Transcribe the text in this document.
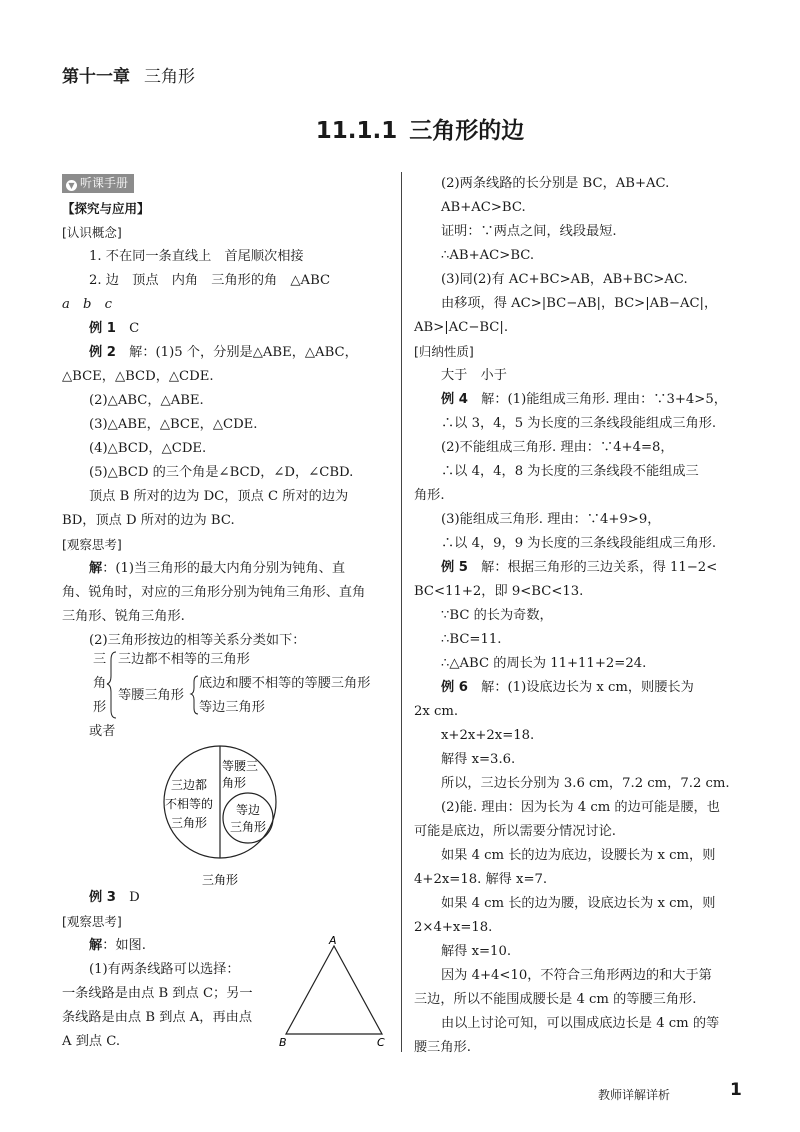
第十一章 三角形
11.1.1 三角形的边

▼ 听课手册

【探究与应用】

[认识概念]

1. 不在同一条直线上　首尾顺次相接

2. 边　顶点　内角　三角形的角　△ABC

a　b　c

例 1　C

例 2　解：(1)5 个，分别是△ABE，△ABC，

△BCE，△BCD，△CDE.

(2)△ABC，△ABE.

(3)△ABE，△BCE，△CDE.

(4)△BCD，△CDE.

(5)△BCD 的三个角是∠BCD，∠D，∠CBD.

顶点 B 所对的边为 DC，顶点 C 所对的边为

BD，顶点 D 所对的边为 BC.

[观察思考]

解：(1)当三角形的最大内角分别为钝角、直

角、锐角时，对应的三角形分别为钝角三角形、直角

三角形、锐角三角形.

(2)三角形按边的相等关系分类如下：

三
角
形
三边都不相等的三角形
等腰三角形
底边和腰不相等的等腰三角形
等边三角形
或者
三边都
不相等的
三角形
等腰三
角形
等边
三角形
三角形

例 3　D

[观察思考]

解：如图.

(1)有两条线路可以选择：

一条线路是由点 B 到点 C；另一

条线路是由点 B 到点 A，再由点

A 到点 C.

A
B	C

(2)两条线路的长分别是 BC，AB+AC.

AB+AC>BC.

证明：∵两点之间，线段最短.

∴AB+AC>BC.

(3)同(2)有 AC+BC>AB，AB+BC>AC.

由移项，得 AC>|BC−AB|，BC>|AB−AC|，

AB>|AC−BC|.

[归纳性质]

大于　小于

例 4　解：(1)能组成三角形. 理由：∵3+4>5，

∴以 3，4，5 为长度的三条线段能组成三角形.

(2)不能组成三角形. 理由：∵4+4=8，

∴以 4，4，8 为长度的三条线段不能组成三

角形.

(3)能组成三角形. 理由：∵4+9>9，

∴以 4，9，9 为长度的三条线段能组成三角形.

例 5　解：根据三角形的三边关系，得 11−2<

BC<11+2，即 9<BC<13.

∵BC 的长为奇数，

∴BC=11.

∴△ABC 的周长为 11+11+2=24.

例 6　解：(1)设底边长为 x cm，则腰长为

2x cm.

x+2x+2x=18.

解得 x=3.6.

所以，三边长分别为 3.6 cm，7.2 cm，7.2 cm.

(2)能. 理由：因为长为 4 cm 的边可能是腰，也

可能是底边，所以需要分情况讨论.

如果 4 cm 长的边为底边，设腰长为 x cm，则

4+2x=18. 解得 x=7.

如果 4 cm 长的边为腰，设底边长为 x cm，则

2×4+x=18.

解得 x=10.

因为 4+4<10，不符合三角形两边的和大于第

三边，所以不能围成腰长是 4 cm 的等腰三角形.

由以上讨论可知，可以围成底边长是 4 cm 的等

腰三角形.

教师详解详析	1
